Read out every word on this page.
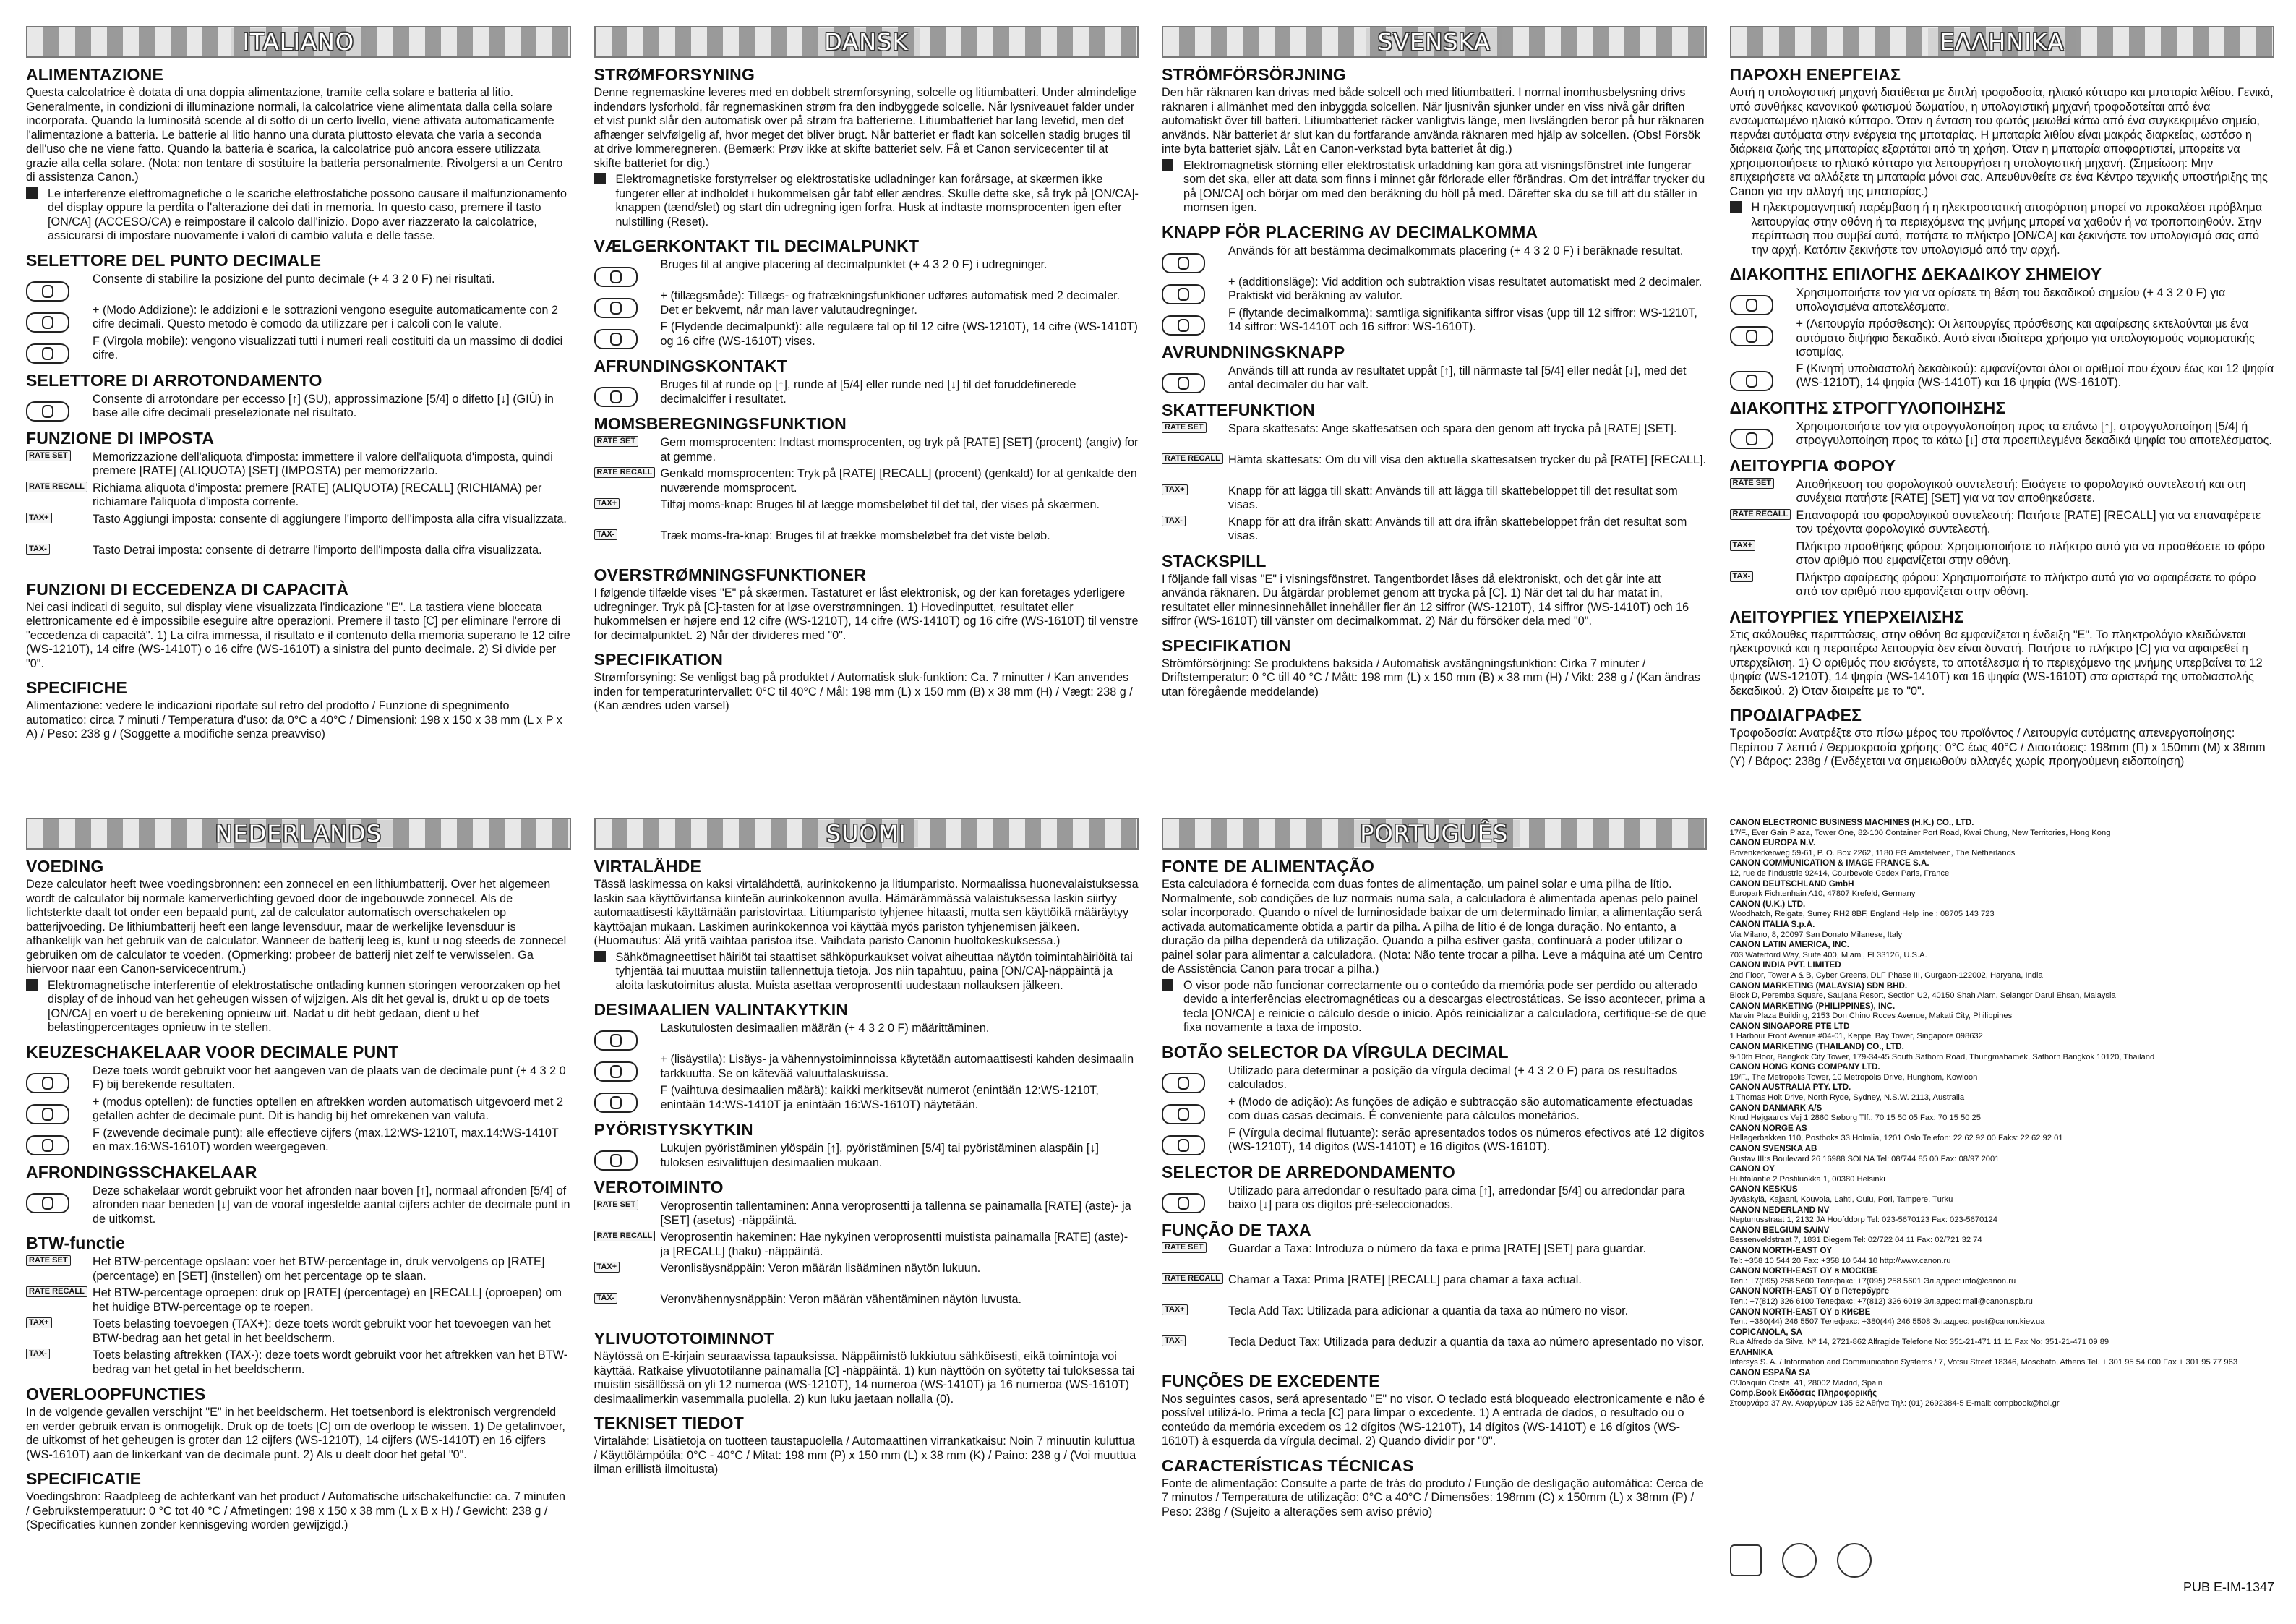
ITALIANO
ALIMENTAZIONE

Questa calcolatrice è dotata di una doppia alimentazione, tramite cella solare e batteria al litio. Generalmente, in condizioni di illuminazione normali, la calcolatrice viene alimentata dalla cella solare incorporata. Quando la luminosità scende al di sotto di un certo livello, viene attivata automaticamente l'alimentazione a batteria. Le batterie al litio hanno una durata piuttosto elevata che varia a seconda dell'uso che ne viene fatto. Quando la batteria è scarica, la calcolatrice può ancora essere utilizzata grazie alla cella solare. (Nota: non tentare di sostituire la batteria personalmente. Rivolgersi a un Centro di assistenza Canon.)

Le interferenze elettromagnetiche o le scariche elettrostatiche possono causare il malfunzionamento del display oppure la perdita o l'alterazione dei dati in memoria. In questo caso, premere il tasto [ON/CA] (ACCESO/CA) e reimpostare il calcolo dall'inizio. Dopo aver riazzerato la calcolatrice, assicurarsi di impostare nuovamente i valori di cambio valuta e delle tasse.
SELETTORE DEL PUNTO DECIMALE
Consente di stabilire la posizione del punto decimale (+ 4 3 2 0 F) nei risultati.
+ (Modo Addizione): le addizioni e le sottrazioni vengono eseguite automaticamente con 2 cifre decimali. Questo metodo è comodo da utilizzare per i calcoli con le valute.
F (Virgola mobile): vengono visualizzati tutti i numeri reali costituiti da un massimo di dodici cifre.
SELETTORE DI ARROTONDAMENTO
Consente di arrotondare per eccesso [↑] (SU), approssimazione [5/4] o difetto [↓] (GIÙ) in base alle cifre decimali preselezionate nel risultato.
FUNZIONE DI IMPOSTA
RATE SET Memorizzazione dell'aliquota d'imposta: immettere il valore dell'aliquota d'imposta, quindi premere [RATE] (ALIQUOTA) [SET] (IMPOSTA) per memorizzarlo.
RATE RECALL Richiama aliquota d'imposta: premere [RATE] (ALIQUOTA) [RECALL] (RICHIAMA) per richiamare l'aliquota d'imposta corrente.
TAX+	Tasto Aggiungi imposta: consente di aggiungere l'importo dell'imposta alla cifra visualizzata.
TAX-	Tasto Detrai imposta: consente di detrarre l'importo dell'imposta dalla cifra visualizzata.
FUNZIONI DI ECCEDENZA DI CAPACITÀ

Nei casi indicati di seguito, sul display viene visualizzata l'indicazione "E". La tastiera viene bloccata elettronicamente ed è impossibile eseguire altre operazioni. Premere il tasto [C] per eliminare l'errore di "eccedenza di capacità". 1) La cifra immessa, il risultato e il contenuto della memoria superano le 12 cifre (WS-1210T), 14 cifre (WS-1410T) o 16 cifre (WS-1610T) a sinistra del punto decimale. 2) Si divide per "0".

SPECIFICHE

Alimentazione: vedere le indicazioni riportate sul retro del prodotto / Funzione di spegnimento automatico: circa 7 minuti / Temperatura d'uso: da 0°C a 40°C / Dimensioni: 198 x 150 x 38 mm (L x P x A) / Peso: 238 g / (Soggette a modifiche senza preavviso)

DANSK
STRØMFORSYNING

Denne regnemaskine leveres med en dobbelt strømforsyning, solcelle og litiumbatteri. Under almindelige indendørs lysforhold, får regnemaskinen strøm fra den indbyggede solcelle. Når lysniveauet falder under et vist punkt slår den automatisk over på strøm fra batterierne. Litiumbatteriet har lang levetid, men det afhænger selvfølgelig af, hvor meget det bliver brugt. Når batteriet er fladt kan solcellen stadig bruges til at drive lommeregneren. (Bemærk: Prøv ikke at skifte batteriet selv. Få et Canon servicecenter til at skifte batteriet for dig.)

Elektromagnetiske forstyrrelser og elektrostatiske udladninger kan forårsage, at skærmen ikke fungerer eller at indholdet i hukommelsen går tabt eller ændres. Skulle dette ske, så tryk på [ON/CA]-knappen (tænd/slet) og start din udregning igen forfra. Husk at indtaste momsprocenten igen efter nulstilling (Reset).
VÆLGERKONTAKT TIL DECIMALPUNKT
Bruges til at angive placering af decimalpunktet (+ 4 3 2 0 F) i udregninger.
+ (tillægsmåde): Tillægs- og fratrækningsfunktioner udføres automatisk med 2 decimaler. Det er bekvemt, når man laver valutaudregninger.
F (Flydende decimalpunkt): alle regulære tal op til 12 cifre (WS-1210T), 14 cifre (WS-1410T) og 16 cifre (WS-1610T) vises.
AFRUNDINGSKONTAKT
Bruges til at runde op [↑], runde af [5/4] eller runde ned [↓] til det foruddefinerede decimalciffer i resultatet.
MOMSBEREGNINGSFUNKTION
RATE SET Gem momsprocenten: Indtast momsprocenten, og tryk på [RATE] [SET] (procent) (angiv) for at gemme.
RATE RECALL Genkald momsprocenten: Tryk på [RATE] [RECALL] (procent) (genkald) for at genkalde den nuværende momsprocent.
TAX+	Tilføj moms-knap: Bruges til at lægge momsbeløbet til det tal, der vises på skærmen.
TAX-	Træk moms-fra-knap: Bruges til at trække momsbeløbet fra det viste beløb.
OVERSTRØMNINGSFUNKTIONER

I følgende tilfælde vises "E" på skærmen. Tastaturet er låst elektronisk, og der kan foretages yderligere udregninger. Tryk på [C]-tasten for at løse overstrømningen. 1) Hovedinputtet, resultatet eller hukommelsen er højere end 12 cifre (WS-1210T), 14 cifre (WS-1410T) og 16 cifre (WS-1610T) til venstre for decimalpunktet. 2) Når der divideres med "0".

SPECIFIKATION

Strømforsyning: Se venligst bag på produktet / Automatisk sluk-funktion: Ca. 7 minutter / Kan anvendes inden for temperaturintervallet: 0°C til 40°C / Mål: 198 mm (L) x 150 mm (B) x 38 mm (H) / Vægt: 238 g / (Kan ændres uden varsel)

SVENSKA
STRÖMFÖRSÖRJNING

Den här räknaren kan drivas med både solcell och med litiumbatteri. I normal inomhusbelysning drivs räknaren i allmänhet med den inbyggda solcellen. När ljusnivån sjunker under en viss nivå går driften automatiskt över till batteri. Litiumbatteriet räcker vanligtvis länge, men livslängden beror på hur räknaren används. När batteriet är slut kan du fortfarande använda räknaren med hjälp av solcellen. (Obs! Försök inte byta batteriet själv. Låt en Canon-verkstad byta batteriet åt dig.)

Elektromagnetisk störning eller elektrostatisk urladdning kan göra att visningsfönstret inte fungerar som det ska, eller att data som finns i minnet går förlorade eller förändras. Om det inträffar trycker du på [ON/CA] och börjar om med den beräkning du höll på med. Därefter ska du se till att du ställer in momsen igen.
KNAPP FÖR PLACERING AV DECIMALKOMMA
Används för att bestämma decimalkommats placering (+ 4 3 2 0 F) i beräknade resultat.
+ (additionsläge): Vid addition och subtraktion visas resultatet automatiskt med 2 decimaler. Praktiskt vid beräkning av valutor.
F (flytande decimalkomma): samtliga signifikanta siffror visas (upp till 12 siffror: WS-1210T, 14 siffror: WS-1410T och 16 siffror: WS-1610T).
AVRUNDNINGSKNAPP
Används till att runda av resultatet uppåt [↑], till närmaste tal [5/4] eller nedåt [↓], med det antal decimaler du har valt.
SKATTEFUNKTION
RATE SET Spara skattesats: Ange skattesatsen och spara den genom att trycka på [RATE] [SET].
RATE RECALL Hämta skattesats: Om du vill visa den aktuella skattesatsen trycker du på [RATE] [RECALL].
TAX+	Knapp för att lägga till skatt: Används till att lägga till skattebeloppet till det resultat som visas.
TAX-	Knapp för att dra ifrån skatt: Används till att dra ifrån skattebeloppet från det resultat som visas.
STACKSPILL

I följande fall visas "E" i visningsfönstret. Tangentbordet låses då elektroniskt, och det går inte att använda räknaren. Du åtgärdar problemet genom att trycka på [C]. 1) När det tal du har matat in, resultatet eller minnesinnehållet innehåller fler än 12 siffror (WS-1210T), 14 siffror (WS-1410T) och 16 siffror (WS-1610T) till vänster om decimalkommat. 2) När du försöker dela med "0".

SPECIFIKATION

Strömförsörjning: Se produktens baksida / Automatisk avstängningsfunktion: Cirka 7 minuter / Driftstemperatur: 0 °C till 40 °C / Mått: 198 mm (L) x 150 mm (B) x 38 mm (H) / Vikt: 238 g / (Kan ändras utan föregående meddelande)

ΕΛΛΗΝΙΚΑ
ΠΑΡΟΧΗ ΕΝΕΡΓΕΙΑΣ

Αυτή η υπολογιστική μηχανή διατίθεται με διπλή τροφοδοσία, ηλιακό κύτταρο και μπαταρία λιθίου. Γενικά, υπό συνθήκες κανονικού φωτισμού δωματίου, η υπολογιστική μηχανή τροφοδοτείται από ένα ενσωματωμένο ηλιακό κύτταρο. Όταν η ένταση του φωτός μειωθεί κάτω από ένα συγκεκριμένο σημείο, περνάει αυτόματα στην ενέργεια της μπαταρίας. Η μπαταρία λιθίου είναι μακράς διαρκείας, ωστόσο η διάρκεια ζωής της μπαταρίας εξαρτάται από τη χρήση. Όταν η μπαταρία αποφορτιστεί, μπορείτε να χρησιμοποιήσετε το ηλιακό κύτταρο για λειτουργήσει η υπολογιστική μηχανή. (Σημείωση: Μην επιχειρήσετε να αλλάξετε τη μπαταρία μόνοι σας. Απευθυνθείτε σε ένα Κέντρο τεχνικής υποστήριξης της Canon για την αλλαγή της μπαταρίας.)

Η ηλεκτρομαγνητική παρέμβαση ή η ηλεκτροστατική αποφόρτιση μπορεί να προκαλέσει πρόβλημα λειτουργίας στην οθόνη ή τα περιεχόμενα της μνήμης μπορεί να χαθούν ή να τροποποιηθούν. Στην περίπτωση που συμβεί αυτό, πατήστε το πλήκτρο [ON/CA] και ξεκινήστε τον υπολογισμό σας από την αρχή. Κατόπιν ξεκινήστε τον υπολογισμό από την αρχή.
ΔΙΑΚΟΠΤΗΣ ΕΠΙΛΟΓΗΣ ΔΕΚΑΔΙΚΟΥ ΣΗΜΕΙΟΥ
Χρησιμοποιήστε τον για να ορίσετε τη θέση του δεκαδικού σημείου (+ 4 3 2 0 F) για υπολογισμένα αποτελέσματα.
+ (Λειτουργία πρόσθεσης): Οι λειτουργίες πρόσθεσης και αφαίρεσης εκτελούνται με ένα αυτόματο διψήφιο δεκαδικό. Αυτό είναι ιδιαίτερα χρήσιμο για υπολογισμούς νομισματικής ισοτιμίας.
F (Κινητή υποδιαστολή δεκαδικού): εμφανίζονται όλοι οι αριθμοί που έχουν έως και 12 ψηφία (WS-1210T), 14 ψηφία (WS-1410T) και 16 ψηφία (WS-1610T).
ΔΙΑΚΟΠΤΗΣ ΣΤΡΟΓΓΥΛΟΠΟΙΗΣΗΣ
Χρησιμοποιήστε τον για στρογγυλοποίηση προς τα επάνω [↑], στρογγυλοποίηση [5/4] ή στρογγυλοποίηση προς τα κάτω [↓] στα προεπιλεγμένα δεκαδικά ψηφία του αποτελέσματος.
ΛΕΙΤΟΥΡΓΙΑ ΦΟΡΟΥ
RATE SET Αποθήκευση του φορολογικού συντελεστή: Εισάγετε το φορολογικό συντελεστή και στη συνέχεια πατήστε [RATE] [SET] για να τον αποθηκεύσετε.
RATE RECALL Επαναφορά του φορολογικού συντελεστή: Πατήστε [RATE] [RECALL] για να επαναφέρετε τον τρέχοντα φορολογικό συντελεστή.
TAX+	Πλήκτρο προσθήκης φόρου: Χρησιμοποιήστε το πλήκτρο αυτό για να προσθέσετε το φόρο στον αριθμό που εμφανίζεται στην οθόνη.
TAX-	Πλήκτρο αφαίρεσης φόρου: Χρησιμοποιήστε το πλήκτρο αυτό για να αφαιρέσετε το φόρο από τον αριθμό που εμφανίζεται στην οθόνη.
ΛΕΙΤΟΥΡΓΙΕΣ ΥΠΕΡΧΕΙΛΙΣΗΣ

Στις ακόλουθες περιπτώσεις, στην οθόνη θα εμφανίζεται η ένδειξη "E". Το πληκτρολόγιο κλειδώνεται ηλεκτρονικά και η περαιτέρω λειτουργία δεν είναι δυνατή. Πατήστε το πλήκτρο [C] για να αφαιρεθεί η υπερχείλιση. 1) Ο αριθμός που εισάγετε, το αποτέλεσμα ή το περιεχόμενο της μνήμης υπερβαίνει τα 12 ψηφία (WS-1210T), 14 ψηφία (WS-1410T) και 16 ψηφία (WS-1610T) στα αριστερά της υποδιαστολής δεκαδικού. 2) Όταν διαιρείτε με το "0".

ΠΡΟΔΙΑΓΡΑΦΕΣ

Τροφοδοσία: Ανατρέξτε στο πίσω μέρος του προϊόντος / Λειτουργία αυτόματης απενεργοποίησης: Περίπου 7 λεπτά / Θερμοκρασία χρήσης: 0°C έως 40°C / Διαστάσεις: 198mm (Π) x 150mm (Μ) x 38mm (Υ) / Βάρος: 238g / (Ενδέχεται να σημειωθούν αλλαγές χωρίς προηγούμενη ειδοποίηση)

NEDERLANDS
VOEDING

Deze calculator heeft twee voedingsbronnen: een zonnecel en een lithiumbatterij. Over het algemeen wordt de calculator bij normale kamerverlichting gevoed door de ingebouwde zonnecel. Als de lichtsterkte daalt tot onder een bepaald punt, zal de calculator automatisch overschakelen op batterijvoeding. De lithiumbatterij heeft een lange levensduur, maar de werkelijke levensduur is afhankelijk van het gebruik van de calculator. Wanneer de batterij leeg is, kunt u nog steeds de zonnecel gebruiken om de calculator te voeden. (Opmerking: probeer de batterij niet zelf te verwisselen. Ga hiervoor naar een Canon-servicecentrum.)

Elektromagnetische interferentie of elektrostatische ontlading kunnen storingen veroorzaken op het display of de inhoud van het geheugen wissen of wijzigen. Als dit het geval is, drukt u op de toets [ON/CA] en voert u de berekening opnieuw uit. Nadat u dit hebt gedaan, dient u het belastingpercentages opnieuw in te stellen.
KEUZESCHAKELAAR VOOR DECIMALE PUNT
Deze toets wordt gebruikt voor het aangeven van de plaats van de decimale punt (+ 4 3 2 0 F) bij berekende resultaten.
+ (modus optellen): de functies optellen en aftrekken worden automatisch uitgevoerd met 2 getallen achter de decimale punt. Dit is handig bij het omrekenen van valuta.
F (zwevende decimale punt): alle effectieve cijfers (max.12:WS-1210T, max.14:WS-1410T en max.16:WS-1610T) worden weergegeven.
AFRONDINGSSCHAKELAAR
Deze schakelaar wordt gebruikt voor het afronden naar boven [↑], normaal afronden [5/4] of afronden naar beneden [↓] van de vooraf ingestelde aantal cijfers achter de decimale punt in de uitkomst.
BTW-functie
RATE SET Het BTW-percentage opslaan: voer het BTW-percentage in, druk vervolgens op [RATE] (percentage) en [SET] (instellen) om het percentage op te slaan.
RATE RECALL Het BTW-percentage oproepen: druk op [RATE] (percentage) en [RECALL] (oproepen) om het huidige BTW-percentage op te roepen.
TAX+	Toets belasting toevoegen (TAX+): deze toets wordt gebruikt voor het toevoegen van het BTW-bedrag aan het getal in het beeldscherm.
TAX-	Toets belasting aftrekken (TAX-): deze toets wordt gebruikt voor het aftrekken van het BTW-bedrag van het getal in het beeldscherm.
OVERLOOPFUNCTIES

In de volgende gevallen verschijnt "E" in het beeldscherm. Het toetsenbord is elektronisch vergrendeld en verder gebruik ervan is onmogelijk. Druk op de toets [C] om de overloop te wissen. 1) De getalinvoer, de uitkomst of het geheugen is groter dan 12 cijfers (WS-1210T), 14 cijfers (WS-1410T) en 16 cijfers (WS-1610T) aan de linkerkant van de decimale punt. 2) Als u deelt door het getal "0".

SPECIFICATIE

Voedingsbron: Raadpleeg de achterkant van het product / Automatische uitschakelfunctie: ca. 7 minuten / Gebruikstemperatuur: 0 °C tot 40 °C / Afmetingen: 198 x 150 x 38 mm (L x B x H) / Gewicht: 238 g / (Specificaties kunnen zonder kennisgeving worden gewijzigd.)

SUOMI
VIRTALÄHDE

Tässä laskimessa on kaksi virtalähdettä, aurinkokenno ja litiumparisto. Normaalissa huonevalaistuksessa laskin saa käyttövirtansa kiinteän aurinkokennon avulla. Hämärämmässä valaistuksessa laskin siirtyy automaattisesti käyttämään paristovirtaa. Litiumparisto tyhjenee hitaasti, mutta sen käyttöikä määräytyy käyttöajan mukaan. Laskimen aurinkokennoa voi käyttää myös pariston tyhjenemisen jälkeen. (Huomautus: Älä yritä vaihtaa paristoa itse. Vaihdata paristo Canonin huoltokeskuksessa.)

Sähkömagneettiset häiriöt tai staattiset sähköpurkaukset voivat aiheuttaa näytön toimintahäiriöitä tai tyhjentää tai muuttaa muistiin tallennettuja tietoja. Jos niin tapahtuu, paina [ON/CA]-näppäintä ja aloita laskutoimitus alusta. Muista asettaa veroprosentti uudestaan nollauksen jälkeen.
DESIMAALIEN VALINTAKYTKIN
Laskutulosten desimaalien määrän (+ 4 3 2 0 F) määrittäminen.
+ (lisäystila): Lisäys- ja vähennystoiminnoissa käytetään automaattisesti kahden desimaalin tarkkuutta. Se on kätevää valuuttalaskuissa.
F (vaihtuva desimaalien määrä): kaikki merkitsevät numerot (enintään 12:WS-1210T, enintään 14:WS-1410T ja enintään 16:WS-1610T) näytetään.
PYÖRISTYSKYTKIN
Lukujen pyöristäminen ylöspäin [↑], pyöristäminen [5/4] tai pyöristäminen alaspäin [↓] tuloksen esivalittujen desimaalien mukaan.
VEROTOIMINTO
RATE SET Veroprosentin tallentaminen: Anna veroprosentti ja tallenna se painamalla [RATE] (aste)- ja [SET] (asetus) -näppäintä.
RATE RECALL Veroprosentin hakeminen: Hae nykyinen veroprosentti muistista painamalla [RATE] (aste)- ja [RECALL] (haku) -näppäintä.
TAX+	Veronlisäysnäppäin: Veron määrän lisääminen näytön lukuun.
TAX-	Veronvähennysnäppäin: Veron määrän vähentäminen näytön luvusta.
YLIVUOTOTOIMINNOT

Näytössä on E-kirjain seuraavissa tapauksissa. Näppäimistö lukkiutuu sähköisesti, eikä toimintoja voi käyttää. Ratkaise ylivuototilanne painamalla [C] -näppäintä. 1) kun näyttöön on syötetty tai tuloksessa tai muistin sisällössä on yli 12 numeroa (WS-1210T), 14 numeroa (WS-1410T) ja 16 numeroa (WS-1610T) desimaalimerkin vasemmalla puolella. 2) kun luku jaetaan nollalla (0).

TEKNISET TIEDOT

Virtalähde: Lisätietoja on tuotteen taustapuolella / Automaattinen virrankatkaisu: Noin 7 minuutin kuluttua / Käyttölämpötila: 0°C - 40°C / Mitat: 198 mm (P) x 150 mm (L) x 38 mm (K) / Paino: 238 g / (Voi muuttua ilman erillistä ilmoitusta)

PORTUGUÊS
FONTE DE ALIMENTAÇÃO

Esta calculadora é fornecida com duas fontes de alimentação, um painel solar e uma pilha de lítio. Normalmente, sob condições de luz normais numa sala, a calculadora é alimentada apenas pelo painel solar incorporado. Quando o nível de luminosidade baixar de um determinado limiar, a alimentação será activada automaticamente obtida a partir da pilha. A pilha de lítio é de longa duração. No entanto, a duração da pilha dependerá da utilização. Quando a pilha estiver gasta, continuará a poder utilizar o painel solar para alimentar a calculadora. (Nota: Não tente trocar a pilha. Leve a máquina até um Centro de Assistência Canon para trocar a pilha.)

O visor pode não funcionar correctamente ou o conteúdo da memória pode ser perdido ou alterado devido a interferências electromagnéticas ou a descargas electrostáticas. Se isso acontecer, prima a tecla [ON/CA] e reinicie o cálculo desde o início. Após reinicializar a calculadora, certifique-se de que fixa novamente a taxa de imposto.
BOTÃO SELECTOR DA VÍRGULA DECIMAL
Utilizado para determinar a posição da vírgula decimal (+ 4 3 2 0 F) para os resultados calculados.
+ (Modo de adição): As funções de adição e subtracção são automaticamente efectuadas com duas casas decimais. É conveniente para cálculos monetários.
F (Vírgula decimal flutuante): serão apresentados todos os números efectivos até 12 dígitos (WS-1210T), 14 dígitos (WS-1410T) e 16 dígitos (WS-1610T).
SELECTOR DE ARREDONDAMENTO
Utilizado para arredondar o resultado para cima [↑], arredondar [5/4] ou arredondar para baixo [↓] para os dígitos pré-seleccionados.
FUNÇÃO DE TAXA
RATE SET Guardar a Taxa: Introduza o número da taxa e prima [RATE] [SET] para guardar.
RATE RECALL Chamar a Taxa: Prima [RATE] [RECALL] para chamar a taxa actual.
TAX+	Tecla Add Tax: Utilizada para adicionar a quantia da taxa ao número no visor.
TAX-	Tecla Deduct Tax: Utilizada para deduzir a quantia da taxa ao número apresentado no visor.
FUNÇÕES DE EXCEDENTE

Nos seguintes casos, será apresentado "E" no visor. O teclado está bloqueado electronicamente e não é possível utilizá-lo. Prima a tecla [C] para limpar o excedente. 1) A entrada de dados, o resultado ou o conteúdo da memória excedem os 12 dígitos (WS-1210T), 14 dígitos (WS-1410T) e 16 dígitos (WS-1610T) à esquerda da vírgula decimal. 2) Quando dividir por "0".

CARACTERÍSTICAS TÉCNICAS

Fonte de alimentação: Consulte a parte de trás do produto / Função de desligação automática: Cerca de 7 minutos / Temperatura de utilização: 0°C a 40°C / Dimensões: 198mm (C) x 150mm (L) x 38mm (P) / Peso: 238g / (Sujeito a alterações sem aviso prévio)

CANON ELECTRONIC BUSINESS MACHINES (H.K.) CO., LTD.
17/F., Ever Gain Plaza, Tower One, 82-100 Container Port Road, Kwai Chung, New Territories, Hong Kong

CANON EUROPA N.V.
Bovenkerkerweg 59-61, P. O. Box 2262, 1180 EG Amstelveen, The Netherlands

CANON COMMUNICATION & IMAGE FRANCE S.A.
12, rue de l'Industrie 92414, Courbevoie Cedex Paris, France

CANON DEUTSCHLAND GmbH
Europark Fichtenhain A10, 47807 Krefeld, Germany

CANON (U.K.) LTD.
Woodhatch, Reigate, Surrey RH2 8BF, England Help line : 08705 143 723

CANON ITALIA S.p.A.
Via Milano, 8, 20097 San Donato Milanese, Italy

CANON LATIN AMERICA, INC.
703 Waterford Way, Suite 400, Miami, FL33126, U.S.A.

CANON INDIA PVT. LIMITED
2nd Floor, Tower A & B, Cyber Greens, DLF Phase III, Gurgaon-122002, Haryana, India

CANON MARKETING (MALAYSIA) SDN BHD.
Block D, Peremba Square, Saujana Resort, Section U2, 40150 Shah Alam, Selangor Darul Ehsan, Malaysia

CANON MARKETING (PHILIPPINES), INC.
Marvin Plaza Building, 2153 Don Chino Roces Avenue, Makati City, Philippines

CANON SINGAPORE PTE LTD
1 Harbour Front Avenue #04-01, Keppel Bay Tower, Singapore 098632

CANON MARKETING (THAILAND) CO., LTD.
9-10th Floor, Bangkok City Tower, 179-34-45 South Sathorn Road, Thungmahamek, Sathorn Bangkok 10120, Thailand

CANON HONG KONG COMPANY LTD.
19/F., The Metropolis Tower, 10 Metropolis Drive, Hunghom, Kowloon

CANON AUSTRALIA PTY. LTD.
1 Thomas Holt Drive, North Ryde, Sydney, N.S.W. 2113, Australia

CANON DANMARK A/S
Knud Højgaards Vej 1 2860 Søborg Tlf.: 70 15 50 05 Fax: 70 15 50 25

CANON NORGE AS
Hallagerbakken 110, Postboks 33 Holmlia, 1201 Oslo Telefon: 22 62 92 00 Faks: 22 62 92 01

CANON SVENSKA AB
Gustav III:s Boulevard 26 16988 SOLNA Tel: 08/744 85 00 Fax: 08/97 2001

CANON OY
Huhtalantie 2 Postiluokka 1, 00380 Helsinki

CANON KESKUS
Jyväskylä, Kajaani, Kouvola, Lahti, Oulu, Pori, Tampere, Turku

CANON NEDERLAND NV
Neptunusstraat 1, 2132 JA Hoofddorp Tel: 023-5670123 Fax: 023-5670124

CANON BELGIUM SA/NV
Bessenveldstraat 7, 1831 Diegem Tel: 02/722 04 11 Fax: 02/721 32 74

CANON NORTH-EAST OY
Tel: +358 10 544 20 Fax: +358 10 544 10 http://www.canon.ru

CANON NORTH-EAST OY в МОСКВЕ
Тел.: +7(095) 258 5600 Телефакс: +7(095) 258 5601 Эл.адрес: info@canon.ru

CANON NORTH-EAST OY в Петербурге
Тел.: +7(812) 326 6100 Телефакс: +7(812) 326 6019 Эл.адрес: mail@canon.spb.ru

CANON NORTH-EAST OY в КИЄВЕ
Тел.: +380(44) 246 5507 Телефакс: +380(44) 246 5508 Эл.адрес: post@canon.kiev.ua

COPICANOLA, SA
Rua Alfredo da Silva, Nº 14, 2721-862 Alfragide Telefone No: 351-21-471 11 11 Fax No: 351-21-471 09 89

ΕΛΛΗΝΙΚΑ
Intersys S. A. / Information and Communication Systems / 7, Votsu Street 18346, Moschato, Athens Tel. + 301 95 54 000 Fax + 301 95 77 963

CANON ESPAÑA SA
C/Joaquín Costa, 41, 28002 Madrid, Spain

Comp.Book Εκδόσεις Πληροφορικής
Στουρνάρα 37 Αγ. Αναργύρων 135 62 Αθήνα Τηλ: (01) 2692384-5 E-mail: compbook@hol.gr

PUB E-IM-1347
